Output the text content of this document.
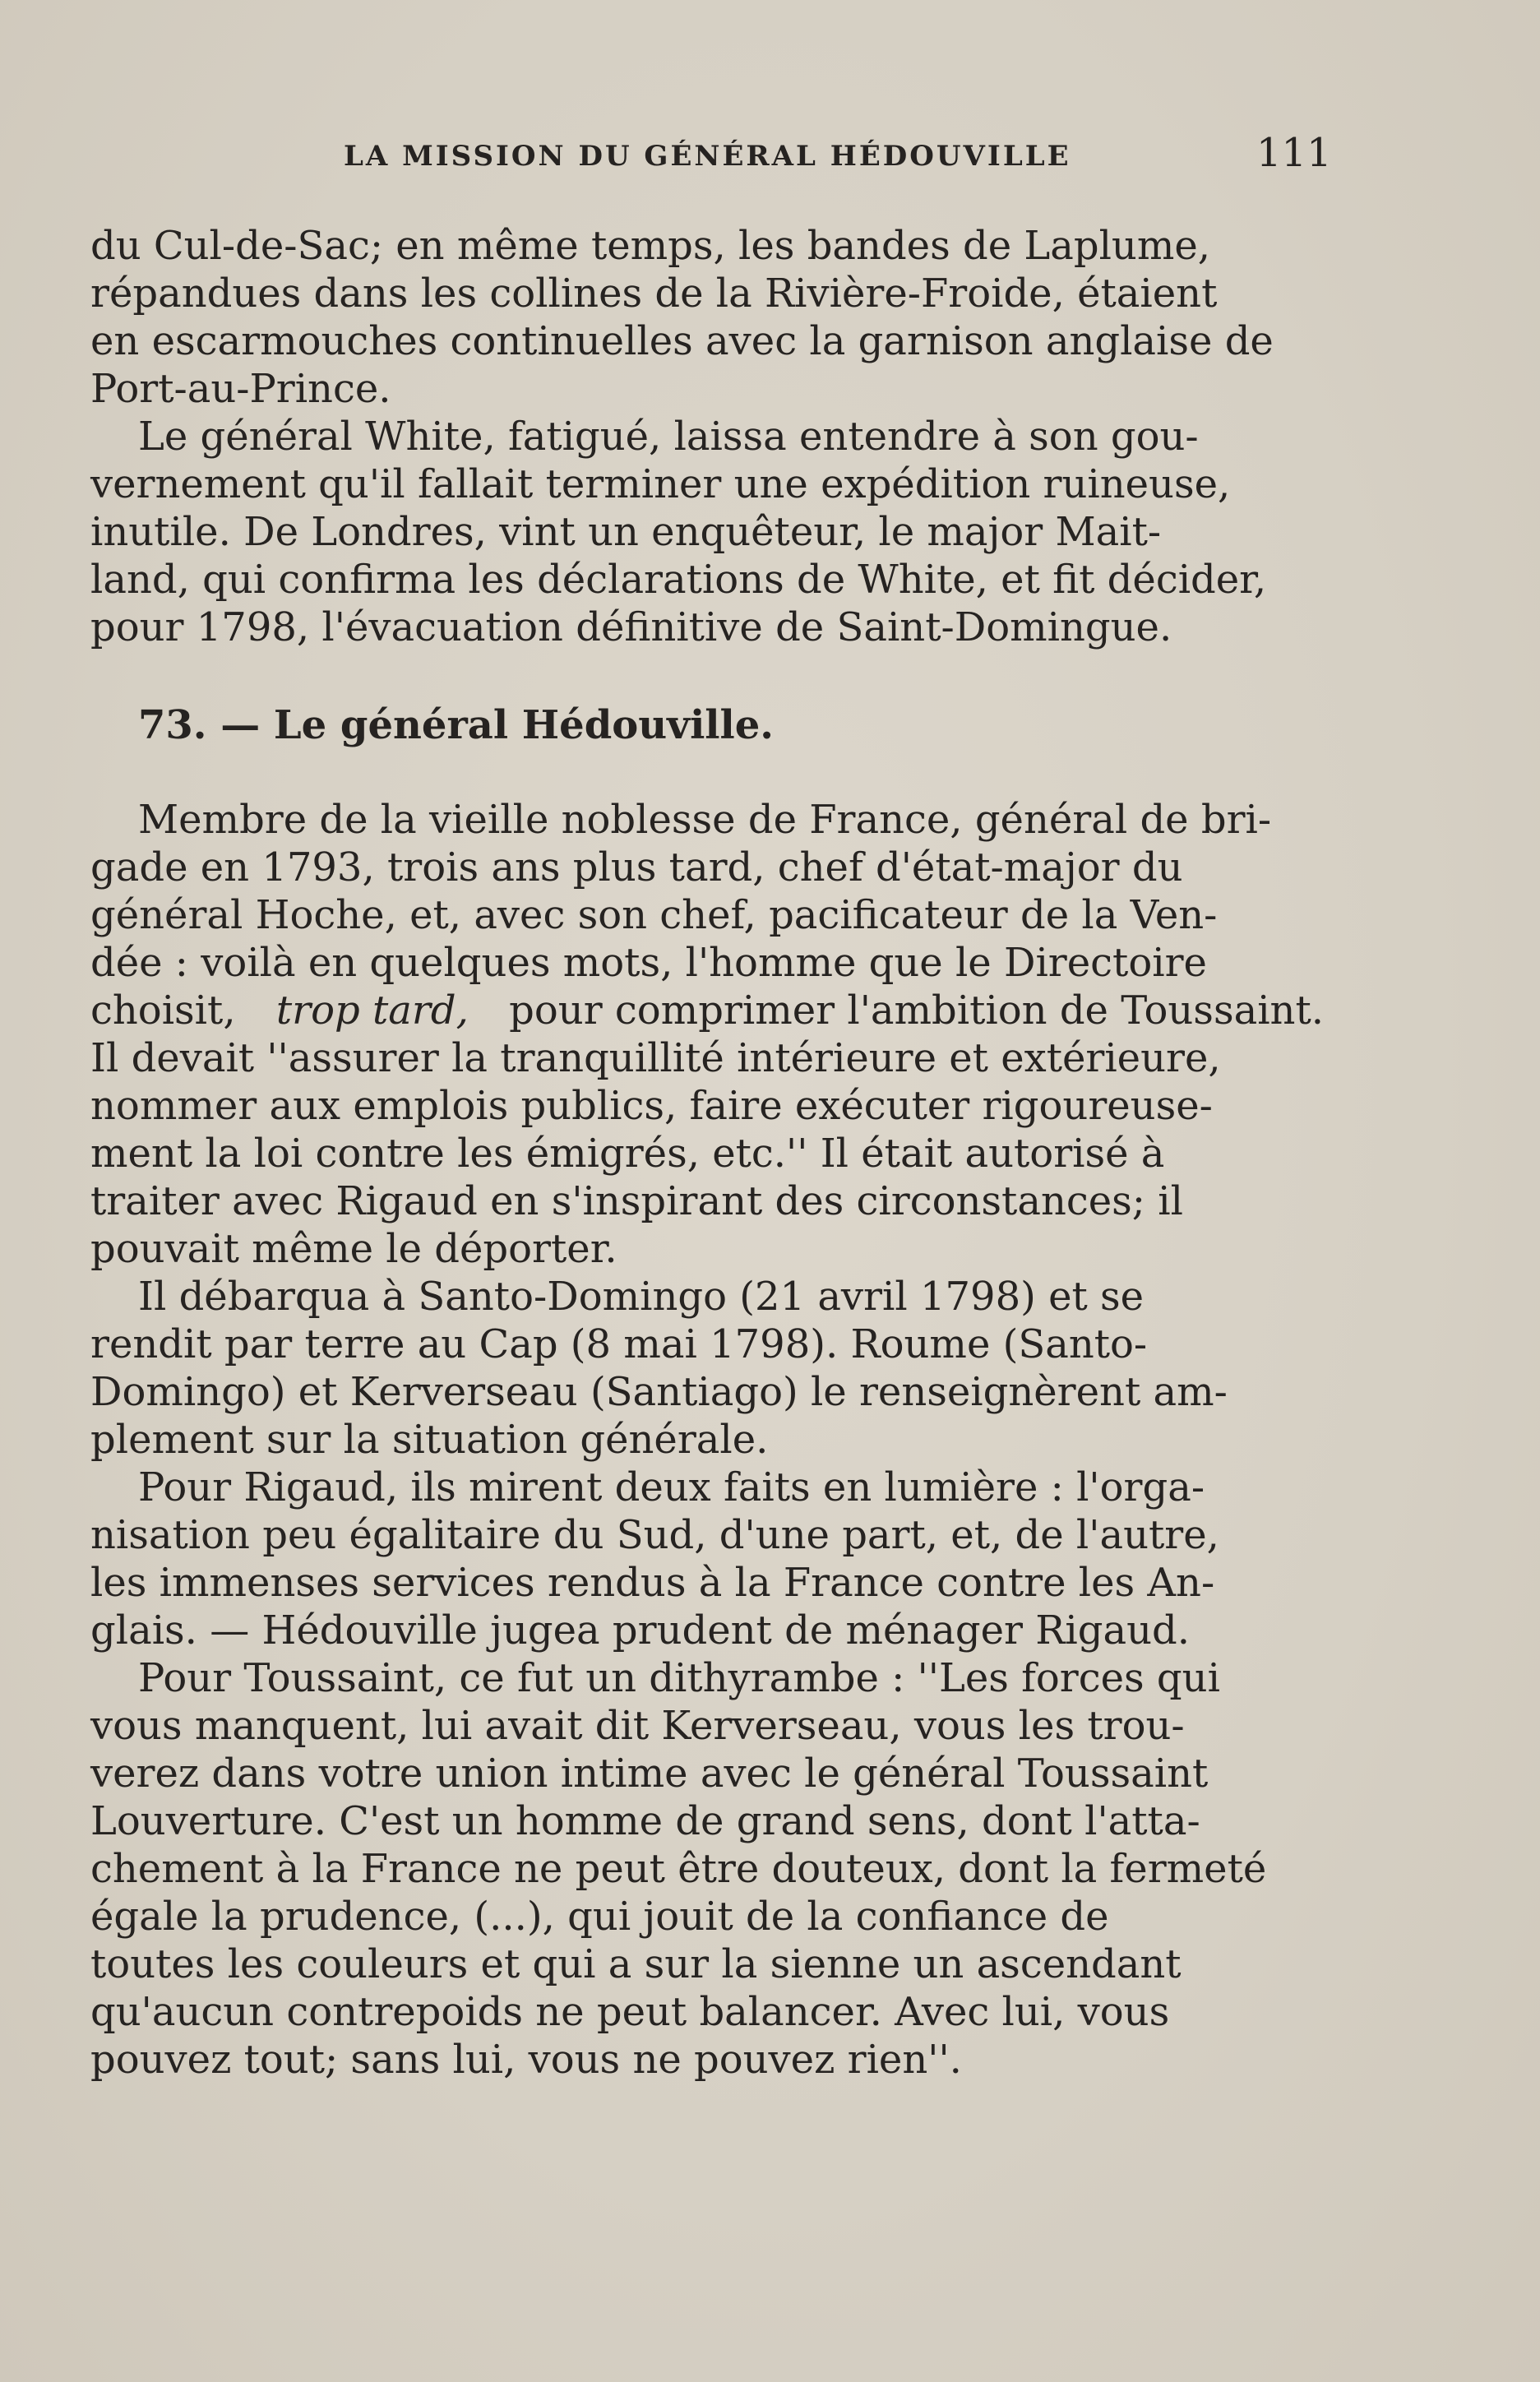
LA MISSION DU GÉNÉRAL HÉDOUVILLE	111
du Cul-de-Sac; en même temps, les bandes de Laplume,
répandues dans les collines de la Rivière-Froide, étaient
en escarmouches continuelles avec la garnison anglaise de
Port-au-Prince.
Le général White, fatigué, laissa entendre à son gou-
vernement qu'il fallait terminer une expédition ruineuse,
inutile. De Londres, vint un enquêteur, le major Mait-
land, qui confirma les déclarations de White, et fit décider,
pour 1798, l'évacuation définitive de Saint-Domingue.
73. — Le général Hédouville.
Membre de la vieille noblesse de France, général de bri-
gade en 1793, trois ans plus tard, chef d'état-major du
général Hoche, et, avec son chef, pacificateur de la Ven-
dée : voilà en quelques mots, l'homme que le Directoire
choisit, trop tard, pour comprimer l'ambition de Toussaint.
Il devait ''assurer la tranquillité intérieure et extérieure,
nommer aux emplois publics, faire exécuter rigoureuse-
ment la loi contre les émigrés, etc.'' Il était autorisé à
traiter avec Rigaud en s'inspirant des circonstances; il
pouvait même le déporter.
Il débarqua à Santo-Domingo (21 avril 1798) et se
rendit par terre au Cap (8 mai 1798). Roume (Santo-
Domingo) et Kerverseau (Santiago) le renseignèrent am-
plement sur la situation générale.
Pour Rigaud, ils mirent deux faits en lumière : l'orga-
nisation peu égalitaire du Sud, d'une part, et, de l'autre,
les immenses services rendus à la France contre les An-
glais. — Hédouville jugea prudent de ménager Rigaud.
Pour Toussaint, ce fut un dithyrambe : ''Les forces qui
vous manquent, lui avait dit Kerverseau, vous les trou-
verez dans votre union intime avec le général Toussaint
Louverture. C'est un homme de grand sens, dont l'atta-
chement à la France ne peut être douteux, dont la fermeté
égale la prudence, (...), qui jouit de la confiance de
toutes les couleurs et qui a sur la sienne un ascendant
qu'aucun contrepoids ne peut balancer. Avec lui, vous
pouvez tout; sans lui, vous ne pouvez rien''.
